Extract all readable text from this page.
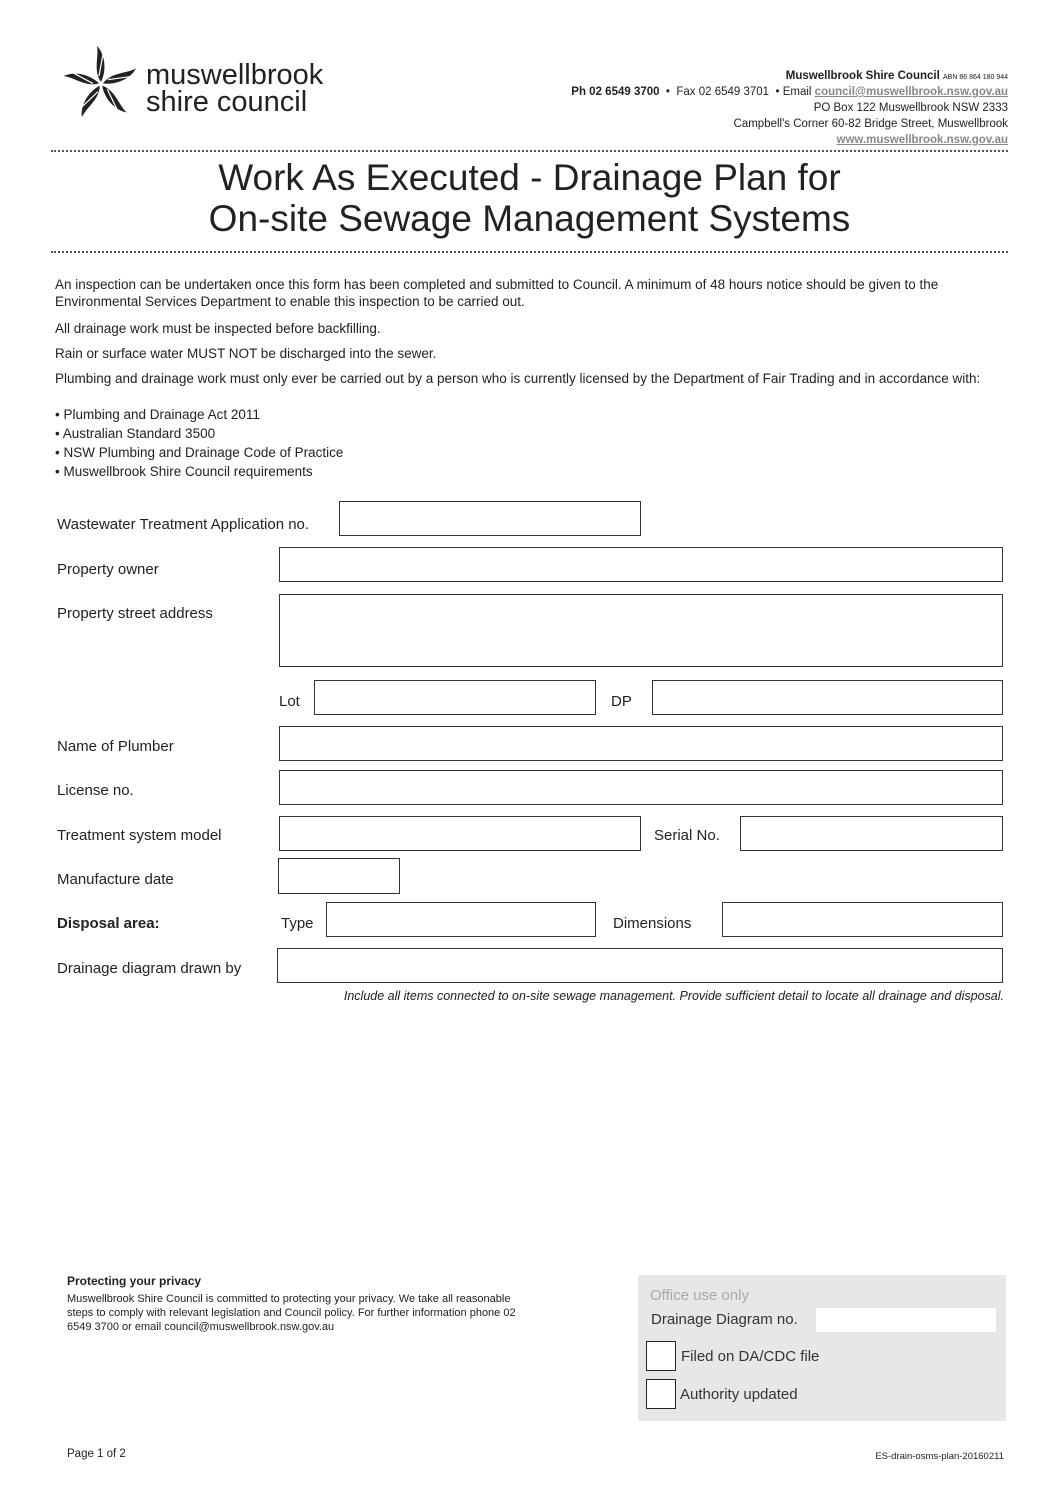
muswellbrook
shire council
Muswellbrook Shire Council ABN 86 864 180 944
Ph 02 6549 3700  •  Fax 02 6549 3701  • Email council@muswellbrook.nsw.gov.au
PO Box 122 Muswellbrook NSW 2333
Campbell's Corner 60-82 Bridge Street, Muswellbrook
www.muswellbrook.nsw.gov.au
Work As Executed - Drainage Plan for
On-site Sewage Management Systems
An inspection can be undertaken once this form has been completed and submitted to Council. A minimum of 48 hours notice should be given to the Environmental Services Department to enable this inspection to be carried out.
All drainage work must be inspected before backfilling.
Rain or surface water MUST NOT be discharged into the sewer.
Plumbing and drainage work must only ever be carried out by a person who is currently licensed by the Department of Fair Trading and in accordance with:
• Plumbing and Drainage Act 2011
• Australian Standard 3500
• NSW Plumbing and Drainage Code of Practice
• Muswellbrook Shire Council requirements
Wastewater Treatment Application no.
Property owner
Property street address
Lot	DP
Name of Plumber
License no.
Treatment system model	Serial No.
Manufacture date
Disposal area:	Type	Dimensions
Drainage diagram drawn by
Include all items connected to on-site sewage management. Provide sufficient detail to locate all drainage and disposal.
Protecting your privacy
Muswellbrook Shire Council is committed to protecting your privacy. We take all reasonable steps to comply with relevant legislation and Council policy. For further information phone 02 6549 3700 or email council@muswellbrook.nsw.gov.au
Office use only
Drainage Diagram no.
Filed on DA/CDC file
Authority updated
Page 1 of 2	ES-drain-osms-plan-20160211
